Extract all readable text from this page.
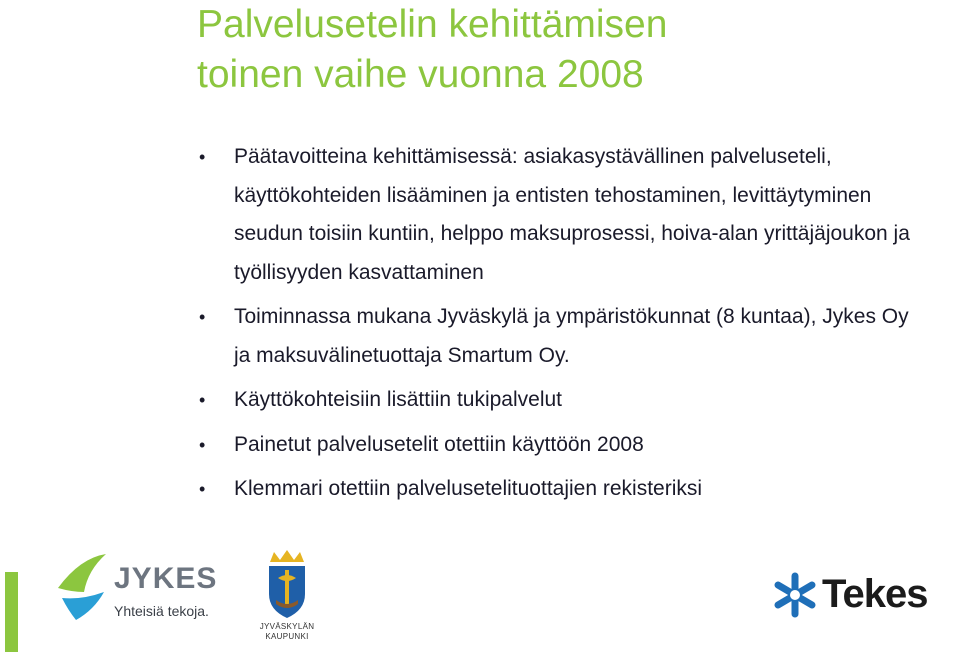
Palvelusetelin kehittämisen
toinen vaihe vuonna 2008
• Päätavoitteina kehittämisessä: asiakasystävällinen palveluseteli, käyttökohteiden lisääminen ja entisten tehostaminen, levittäytyminen seudun toisiin kuntiin, helppo maksuprosessi, hoiva-alan yrittäjäjoukon ja työllisyyden kasvattaminen
• Toiminnassa mukana Jyväskylä ja ympäristökunnat (8 kuntaa), Jykes Oy ja maksuvälinetuottaja Smartum Oy.
• Käyttökohteisiin lisättiin tukipalvelut
• Painetut palvelusetelit otettiin käyttöön 2008
• Klemmari otettiin palvelusetelituottajien rekisteriksi
JYKES
Yhteisiä tekoja.
JYVÄSKYLÄN
KAUPUNKI
Tekes
